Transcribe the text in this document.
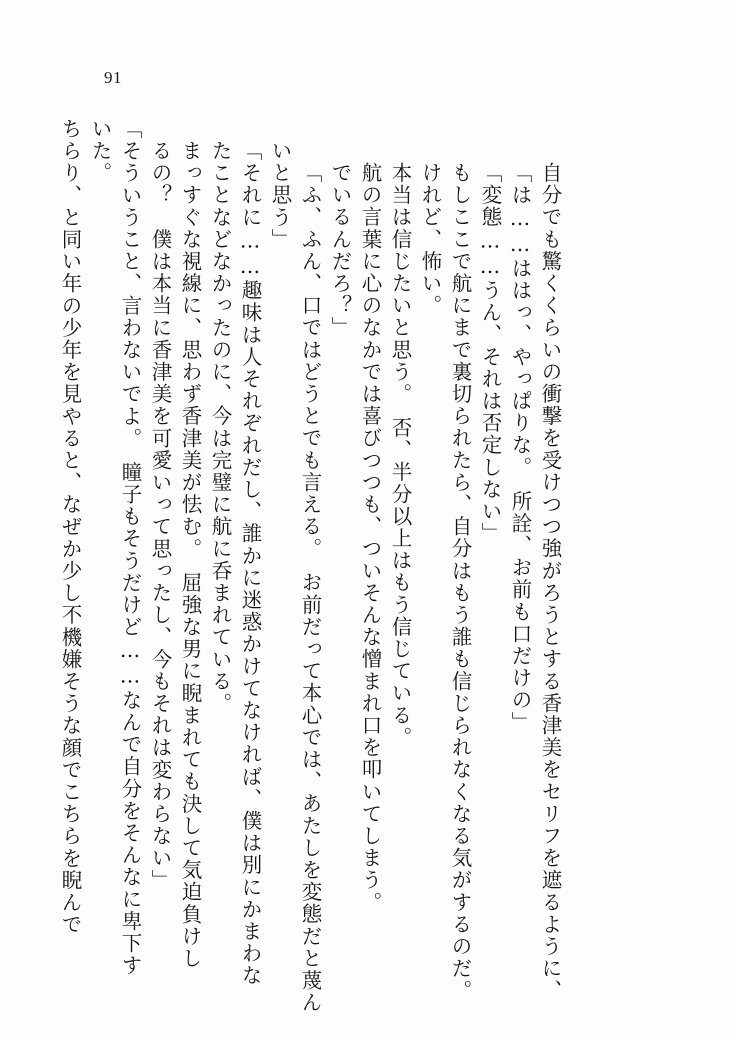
91
ちらり、と同い年の少年を見やると、なぜか少し不機嫌そうな顔でこちらを睨んで いた。 「そういうこと、言わないでよ。　瞳子もそうだけど……なんで自分をそんなに卑下す るの？　僕は本当に香津美を可愛いって思ったし、今もそれは変わらない」 まっすぐな視線に、思わず香津美が怯む。　屈強な男に睨まれても決して気迫負けし たことなどなかったのに、今は完璧に航に呑まれている。 「それに……趣味は人それぞれだし、誰かに迷惑かけてなければ、僕は別にかまわな いと思う」 「ふ、ふん、口ではどうとでも言える。　お前だって本心では、あたしを変態だと蔑ん でいるんだろ？」 航の言葉に心のなかでは喜びつつも、ついそんな憎まれ口を叩いてしまう。 本当は信じたいと思う。　否、半分以上はもう信じている。 けれど、怖い。 もしここで航にまで裏切られたら、自分はもう誰も信じられなくなる気がするのだ。 「変態……うん、それは否定しない」 「は……ははっ、やっぱりな。　所詮、お前も口だけの」 自分でも驚くくらいの衝撃を受けつつ強がろうとする香津美をセリフを遮るように、
